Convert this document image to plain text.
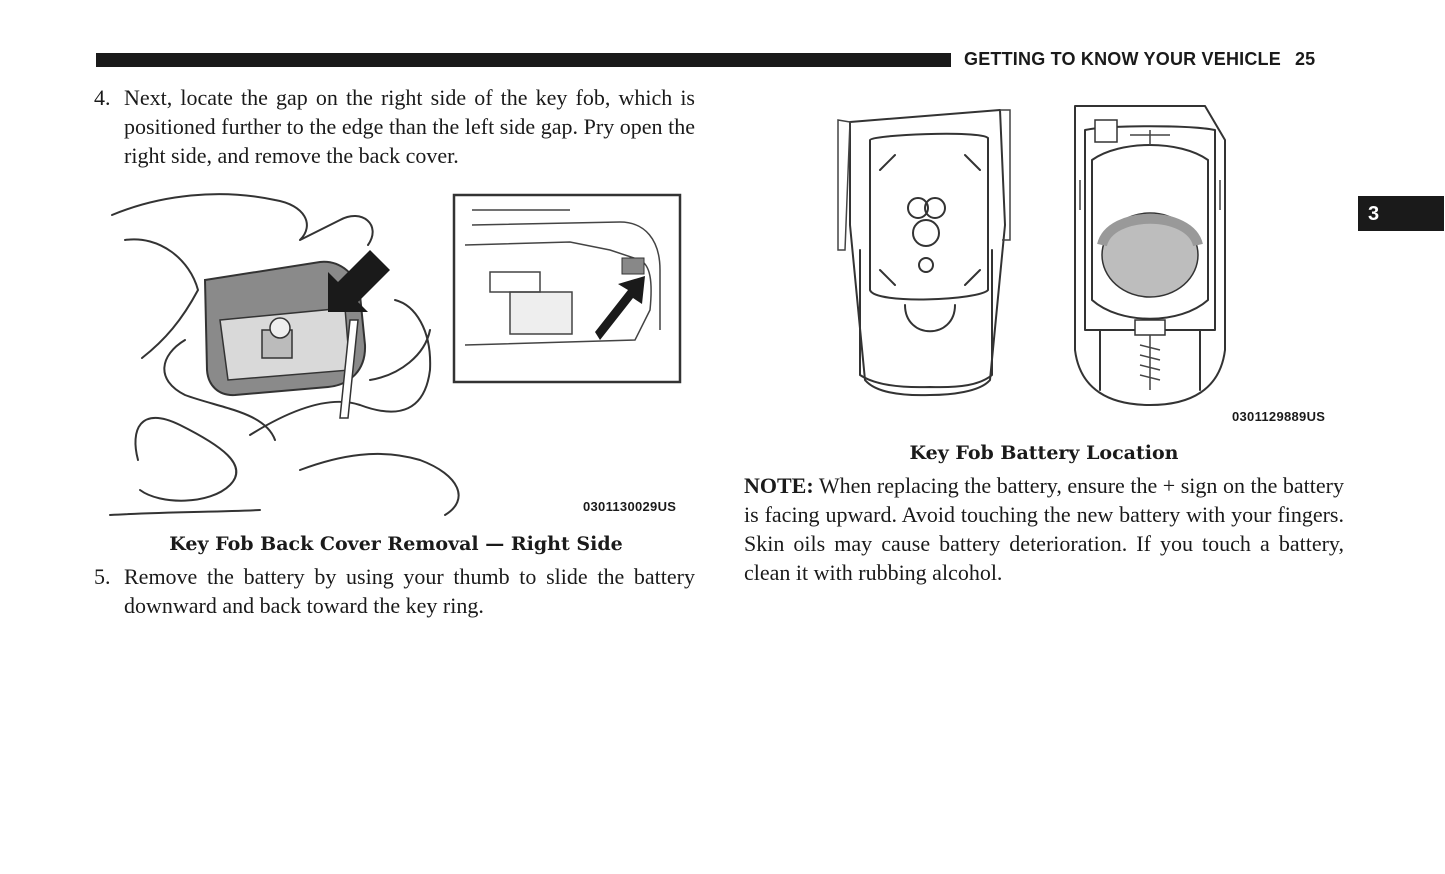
GETTING TO KNOW YOUR VEHICLE 25
3
4. Next, locate the gap on the right side of the key fob, which is positioned further to the edge than the left side gap. Pry open the right side, and remove the back cover.
0301130029US
Key Fob Back Cover Removal — Right Side
5. Remove the battery by using your thumb to slide the battery downward and back toward the key ring.
0301129889US
Key Fob Battery Location
NOTE: When replacing the battery, ensure the + sign on the battery is facing upward. Avoid touching the new battery with your fingers. Skin oils may cause battery deterioration. If you touch a battery, clean it with rubbing alcohol.
